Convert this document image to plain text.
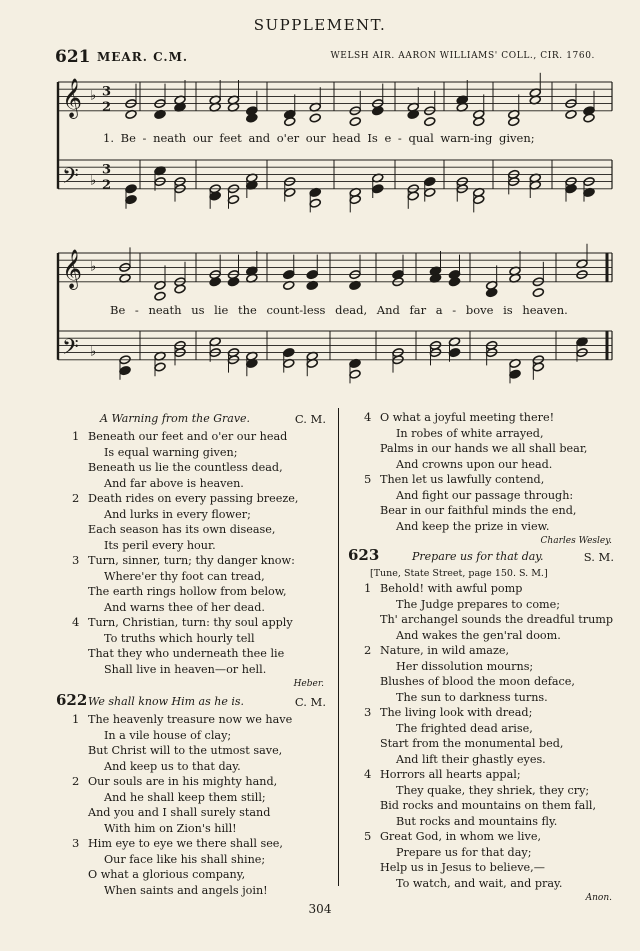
SUPPLEMENT.
621 MEAR. C.M.	WELSH AIR. AARON WILLIAMS' COLL., CIR. 1760.
𝄞 ♭ 3
2
𝄢 ♭
3
2
𝄞 ♭
𝄢 ♭
1. Be - neath our feet and o'er our head Is e - qual warn-ing given;
Be - neath us lie the count-less dead, And far a - bove is heaven.
A Warning from the Grave.	C. M.
1 Beneath our feet and o'er our head
Is equal warning given;
Beneath us lie the countless dead,
And far above is heaven.
2 Death rides on every passing breeze,
And lurks in every flower;
Each season has its own disease,
Its peril every hour.
3 Turn, sinner, turn; thy danger know:
Where'er thy foot can tread,
The earth rings hollow from below,
And warns thee of her dead.
4 Turn, Christian, turn: thy soul apply
To truths which hourly tell
That they who underneath thee lie
Shall live in heaven—or hell.
Heber.
622 We shall know Him as he is.	C. M.
1 The heavenly treasure now we have
In a vile house of clay;
But Christ will to the utmost save,
And keep us to that day.
2 Our souls are in his mighty hand,
And he shall keep them still;
And you and I shall surely stand
With him on Zion's hill!
3 Him eye to eye we there shall see,
Our face like his shall shine;
O what a glorious company,
When saints and angels join!
4 O what a joyful meeting there!
In robes of white arrayed,
Palms in our hands we all shall bear,
And crowns upon our head.
5 Then let us lawfully contend,
And fight our passage through:
Bear in our faithful minds the end,
And keep the prize in view.
Charles Wesley.
623	Prepare us for that day.	S. M.
[Tune, State Street, page 150. S. M.]
1 Behold! with awful pomp
The Judge prepares to come;
Th' archangel sounds the dreadful trump
And wakes the gen'ral doom.
2 Nature, in wild amaze,
Her dissolution mourns;
Blushes of blood the moon deface,
The sun to darkness turns.
3 The living look with dread;
The frighted dead arise,
Start from the monumental bed,
And lift their ghastly eyes.
4 Horrors all hearts appal;
They quake, they shriek, they cry;
Bid rocks and mountains on them fall,
But rocks and mountains fly.
5 Great God, in whom we live,
Prepare us for that day;
Help us in Jesus to believe,—
To watch, and wait, and pray.
Anon.
304
